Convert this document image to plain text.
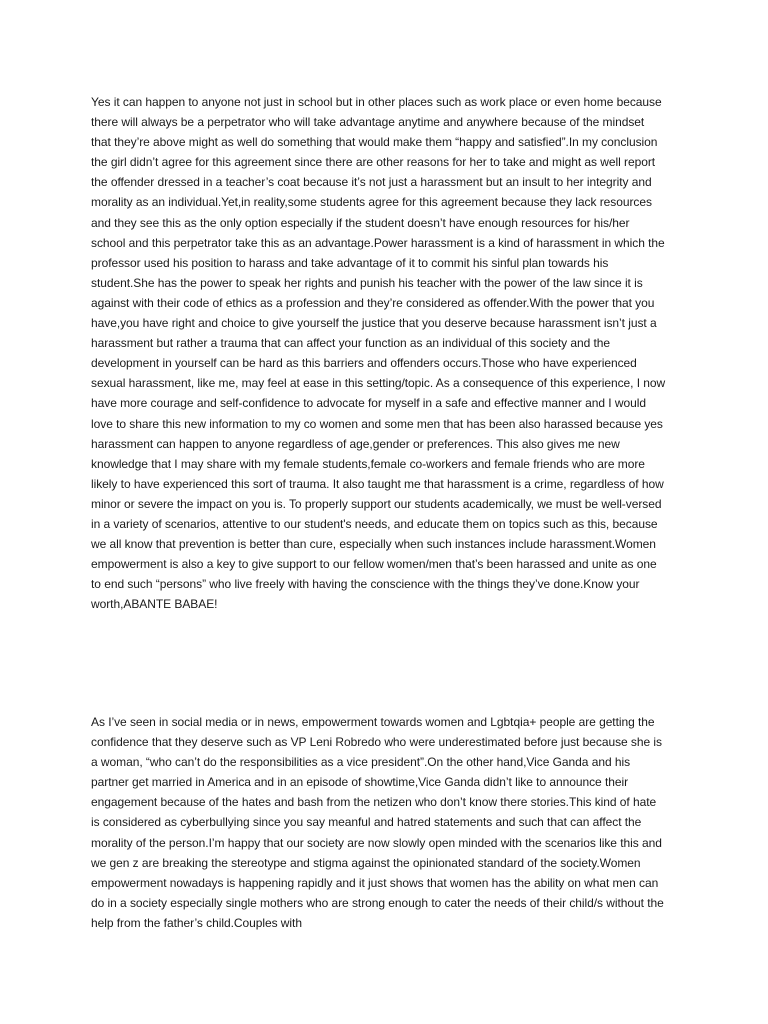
Yes it can happen to anyone not just in school but in other places such as work place or even home because there will always be a perpetrator who will take advantage anytime and anywhere because of the mindset that they’re above might as well do something that would make them “happy and satisfied”.In my conclusion the girl didn’t agree for this agreement since there are other reasons for her to take and might as well report the offender dressed in a teacher’s coat because it’s not just a harassment but an insult to her integrity and morality as an individual.Yet,in reality,some students agree for this agreement because they lack resources and they see this as the only option especially if the student doesn’t have enough resources for his/her school and this perpetrator take this as an advantage.Power harassment is a kind of harassment in which the professor used his position to harass and take advantage of it to commit his sinful plan towards his student.She has the power to speak her rights and punish his teacher with the power of the law since it is against with their code of ethics as a profession and they’re considered as offender.With the power that you have,you have right and choice to give yourself the justice that you deserve because harassment isn’t just a harassment but rather a trauma that can affect your function as an individual of this society and the development in yourself can be hard as this barriers and offenders occurs.Those who have experienced sexual harassment, like me, may feel at ease in this setting/topic. As a consequence of this experience, I now have more courage and self-confidence to advocate for myself in a safe and effective manner and I would love to share this new information to my co women and some men that has been also harassed because yes harassment can happen to anyone regardless of age,gender or preferences. This also gives me new knowledge that I may share with my female students,female co-workers and female friends who are more likely to have experienced this sort of trauma. It also taught me that harassment is a crime, regardless of how minor or severe the impact on you is. To properly support our students academically, we must be well-versed in a variety of scenarios, attentive to our student's needs, and educate them on topics such as this, because we all know that prevention is better than cure, especially when such instances include harassment.Women empowerment is also a key to give support to our fellow women/men that’s been harassed and unite as one to end such “persons” who live freely with having the conscience with the things they’ve done.Know your worth,ABANTE BABAE!

As I’ve seen in social media or in news, empowerment towards women and Lgbtqia+ people are getting the confidence that they deserve such as VP Leni Robredo who were underestimated before just because she is a woman, “who can’t do the responsibilities as a vice president”.On the other hand,Vice Ganda and his partner get married in America and in an episode of showtime,Vice Ganda didn’t like to announce their engagement because of the hates and bash from the netizen who don’t know there stories.This kind of hate is considered as cyberbullying since you say meanful and hatred statements and such that can affect the morality of the person.I’m happy that our society are now slowly open minded with the scenarios like this and we gen z are breaking the stereotype and stigma against the opinionated standard of the society.Women empowerment nowadays is happening rapidly and it just shows that women has the ability on what men can do in a society especially single mothers who are strong enough to cater the needs of their child/s without the help from the father’s child.Couples with
